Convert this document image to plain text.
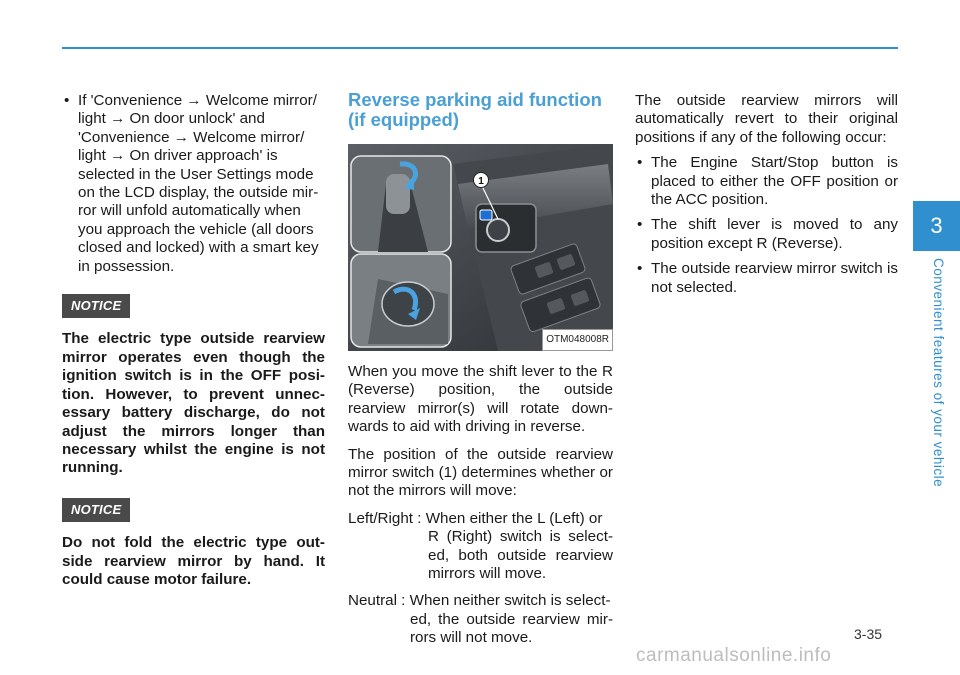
• If 'Convenience → Welcome mirror/
light → On door unlock' and
'Convenience → Welcome mirror/
light → On driver approach' is
selected in the User Settings mode
on the LCD display, the outside mir-
ror will unfold automatically when
you approach the vehicle (all doors
closed and locked) with a smart key
in possession.
NOTICE

The electric type outside rearview mirror operates even though the ignition switch is in the OFF posi-tion. However, to prevent unnec-essary battery discharge, do not adjust the mirrors longer than necessary whilst the engine is not running.

NOTICE

Do not fold the electric type out-side rearview mirror by hand. It could cause motor failure.

Reverse parking aid function
(if equipped)

1
OTM048008R

When you move the shift lever to the R (Reverse) position, the outside rearview mirror(s) will rotate down-wards to aid with driving in reverse.

The position of the outside rearview mirror switch (1) determines whether or not the mirrors will move:

Left/Right : When either the L (Left) or
R (Right) switch is select-ed, both outside rearview mirrors will move.
Neutral : When neither switch is select-
ed, the outside rearview mir-rors will not move.

The outside rearview mirrors will automatically revert to their original positions if any of the following occur:

• The Engine Start/Stop button is placed to either the OFF position or the ACC position.

• The shift lever is moved to any position except R (Reverse).

• The outside rearview mirror switch is not selected.

3
Convenient features of your vehicle
3-35
carmanualsonline.info
